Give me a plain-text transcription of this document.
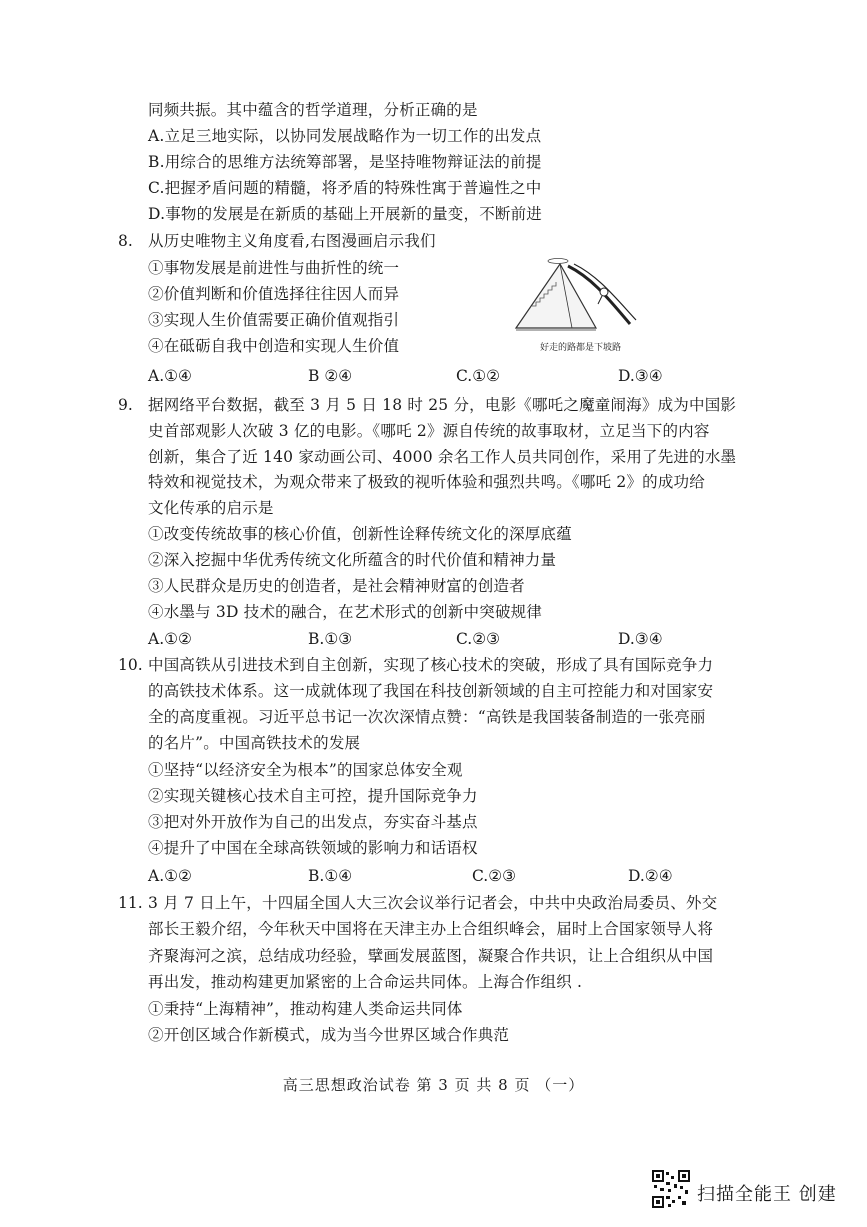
同频共振。其中蕴含的哲学道理，分析正确的是
A.立足三地实际，以协同发展战略作为一切工作的出发点
B.用综合的思维方法统筹部署，是坚持唯物辩证法的前提
C.把握矛盾问题的精髓，将矛盾的特殊性寓于普遍性之中
D.事物的发展是在新质的基础上开展新的量变，不断前进
8. 从历史唯物主义角度看,右图漫画启示我们
①事物发展是前进性与曲折性的统一
②价值判断和价值选择往往因人而异
③实现人生价值需要正确价值观指引
④在砥砺自我中创造和实现人生价值	好走的路都是下坡路
A.①④	B ②④	C.①②	D.③④
9. 据网络平台数据，截至 3 月 5 日 18 时 25 分，电影《哪吒之魔童闹海》成为中国影
史首部观影人次破 3 亿的电影。《哪吒 2》源自传统的故事取材，立足当下的内容
创新，集合了近 140 家动画公司、4000 余名工作人员共同创作，采用了先进的水墨
特效和视觉技术，为观众带来了极致的视听体验和强烈共鸣。《哪吒 2》的成功给
文化传承的启示是
①改变传统故事的核心价值，创新性诠释传统文化的深厚底蕴
②深入挖掘中华优秀传统文化所蕴含的时代价值和精神力量
③人民群众是历史的创造者，是社会精神财富的创造者
④水墨与 3D 技术的融合，在艺术形式的创新中突破规律
A.①②	B.①③	C.②③	D.③④
10. 中国高铁从引进技术到自主创新，实现了核心技术的突破，形成了具有国际竞争力
的高铁技术体系。这一成就体现了我国在科技创新领域的自主可控能力和对国家安
全的高度重视。习近平总书记一次次深情点赞：“高铁是我国装备制造的一张亮丽
的名片”。中国高铁技术的发展
①坚持“以经济安全为根本”的国家总体安全观
②实现关键核心技术自主可控，提升国际竞争力
③把对外开放作为自己的出发点，夯实奋斗基点
④提升了中国在全球高铁领域的影响力和话语权
A.①②	B.①④	C.②③	D.②④
11. 3 月 7 日上午，十四届全国人大三次会议举行记者会，中共中央政治局委员、外交
部长王毅介绍，今年秋天中国将在天津主办上合组织峰会，届时上合国家领导人将
齐聚海河之滨，总结成功经验，擘画发展蓝图，凝聚合作共识，让上合组织从中国
再出发，推动构建更加紧密的上合命运共同体。上海合作组织 .
①秉持“上海精神”，推动构建人类命运共同体
②开创区域合作新模式，成为当今世界区域合作典范
高三思想政治试卷 第 3 页 共 8 页 （一）
扫描全能王 创建
